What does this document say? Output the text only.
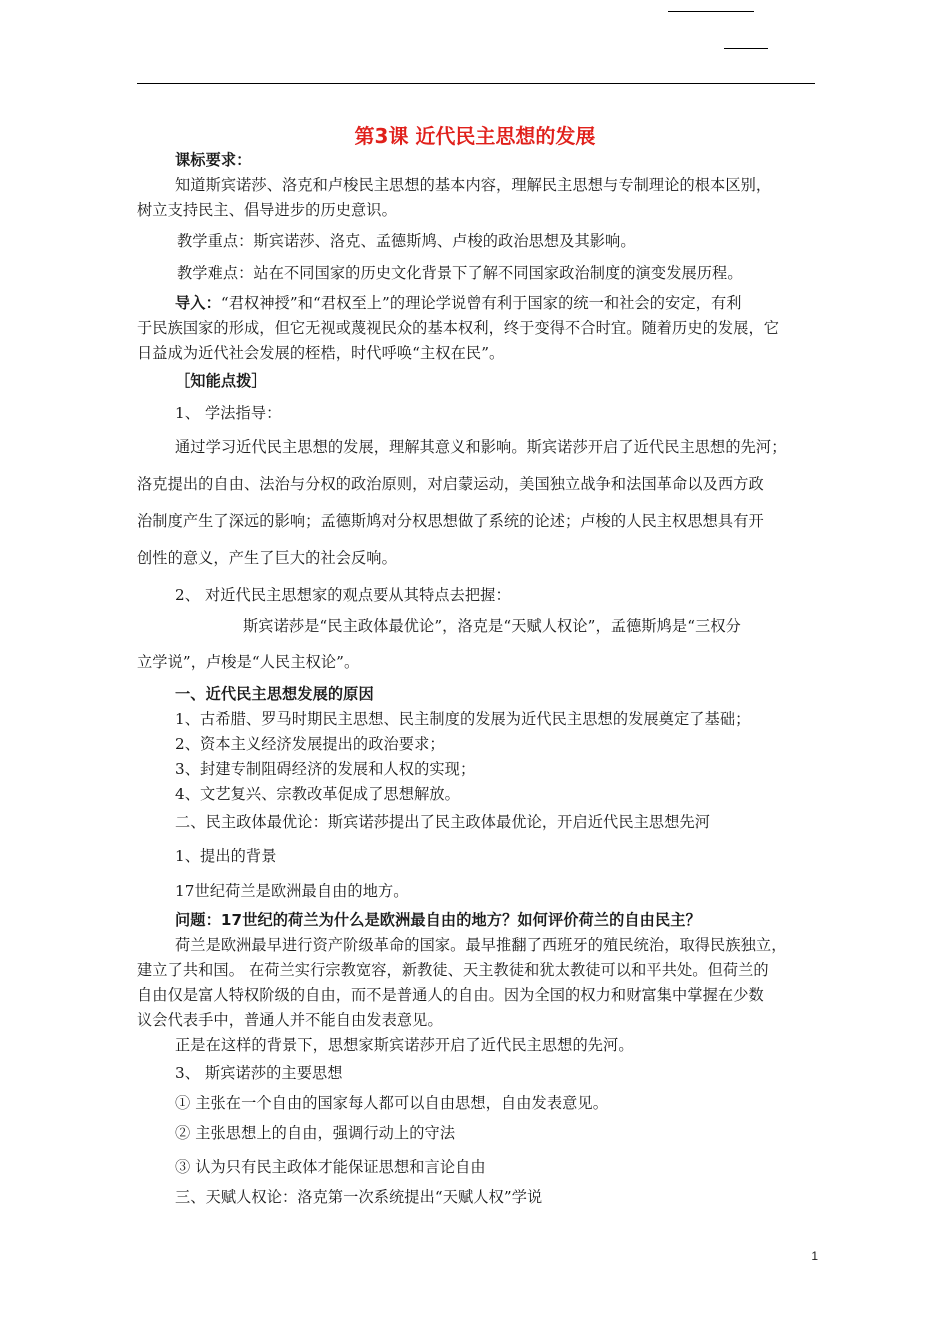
第3课 近代民主思想的发展
课标要求：
知道斯宾诺莎、洛克和卢梭民主思想的基本内容，理解民主思想与专制理论的根本区别，
树立支持民主、倡导进步的历史意识。
教学重点：斯宾诺莎、洛克、孟德斯鸠、卢梭的政治思想及其影响。
教学难点：站在不同国家的历史文化背景下了解不同国家政治制度的演变发展历程。
导入：“君权神授”和“君权至上”的理论学说曾有利于国家的统一和社会的安定，有利
于民族国家的形成，但它无视或蔑视民众的基本权利，终于变得不合时宜。随着历史的发展，它
日益成为近代社会发展的桎梏，时代呼唤“主权在民”。
［知能点拨］
1、 学法指导：
通过学习近代民主思想的发展，理解其意义和影响。斯宾诺莎开启了近代民主思想的先河；
洛克提出的自由、法治与分权的政治原则，对启蒙运动，美国独立战争和法国革命以及西方政
治制度产生了深远的影响；孟德斯鸠对分权思想做了系统的论述；卢梭的人民主权思想具有开
创性的意义，产生了巨大的社会反响。
2、 对近代民主思想家的观点要从其特点去把握：
斯宾诺莎是“民主政体最优论”，洛克是“天赋人权论”，孟德斯鸠是“三权分
立学说”，卢梭是“人民主权论”。
一、近代民主思想发展的原因
1、古希腊、罗马时期民主思想、民主制度的发展为近代民主思想的发展奠定了基础；
2、资本主义经济发展提出的政治要求；
3、封建专制阻碍经济的发展和人权的实现；
4、文艺复兴、宗教改革促成了思想解放。
二、民主政体最优论：斯宾诺莎提出了民主政体最优论，开启近代民主思想先河
1、提出的背景
17世纪荷兰是欧洲最自由的地方。
问题：17世纪的荷兰为什么是欧洲最自由的地方？如何评价荷兰的自由民主？
荷兰是欧洲最早进行资产阶级革命的国家。最早推翻了西班牙的殖民统治，取得民族独立，
建立了共和国。 在荷兰实行宗教宽容，新教徒、天主教徒和犹太教徒可以和平共处。但荷兰的
自由仅是富人特权阶级的自由，而不是普通人的自由。因为全国的权力和财富集中掌握在少数
议会代表手中，普通人并不能自由发表意见。
正是在这样的背景下，思想家斯宾诺莎开启了近代民主思想的先河。
3、 斯宾诺莎的主要思想
① 主张在一个自由的国家每人都可以自由思想，自由发表意见。
② 主张思想上的自由，强调行动上的守法
③ 认为只有民主政体才能保证思想和言论自由
三、天赋人权论：洛克第一次系统提出“天赋人权”学说
1
